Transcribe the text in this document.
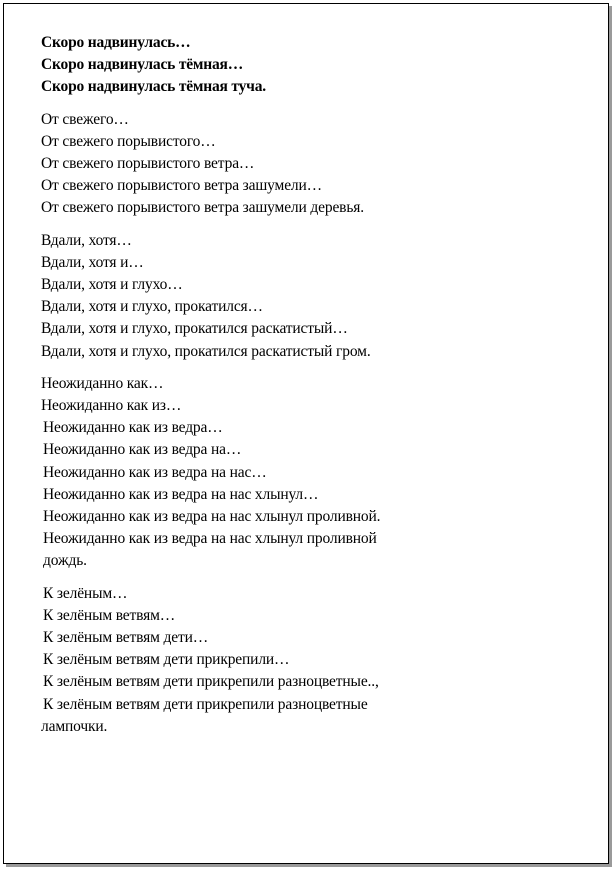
Скоро надвинулась…
Скоро надвинулась тёмная…
Скоро надвинулась тёмная туча.
От свежего…
От свежего порывистого…
От свежего порывистого ветра…
От свежего порывистого ветра зашумели…
От свежего порывистого ветра зашумели деревья.
Вдали, хотя…
Вдали, хотя и…
Вдали, хотя и глухо…
Вдали, хотя и глухо, прокатился…
Вдали, хотя и глухо, прокатился раскатистый…
Вдали, хотя и глухо, прокатился раскатистый гром.
Неожиданно как…
Неожиданно как из…
Неожиданно как из ведра…
Неожиданно как из ведра на…
Неожиданно как из ведра на нас…
Неожиданно как из ведра на нас хлынул…
Неожиданно как из ведра на нас хлынул проливной.
Неожиданно как из ведра на нас хлынул проливной
дождь.
К зелёным…
К зелёным ветвям…
К зелёным ветвям дети…
К зелёным ветвям дети прикрепили…
К зелёным ветвям дети прикрепили разноцветные..,
К зелёным ветвям дети прикрепили разноцветные
лампочки.
